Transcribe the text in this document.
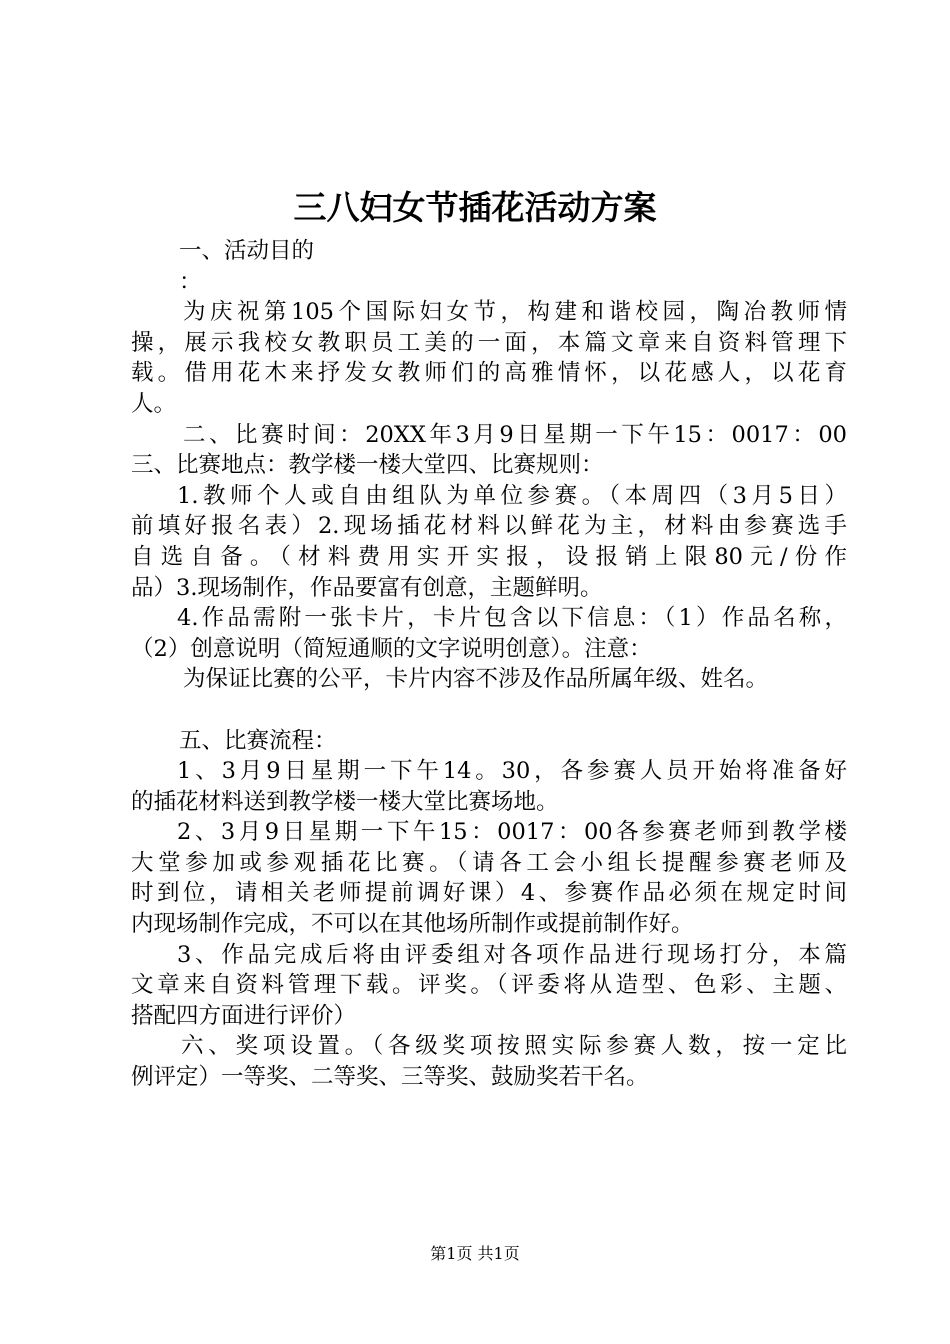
三八妇女节插花活动方案
一、活动目的
：
为庆祝第105个国际妇女节，构建和谐校园，陶冶教师情
操，展示我校女教职员工美的一面，本篇文章来自资料管理下
载。借用花木来抒发女教师们的高雅情怀，以花感人，以花育
人。
二、比赛时间：20XX年3月9日星期一下午15：0017：00
三、比赛地点：教学楼一楼大堂四、比赛规则：
1.教师个人或自由组队为单位参赛。（本周四（3月5日）
前填好报名表）2.现场插花材料以鲜花为主，材料由参赛选手
自选自备。（材料费用实开实报，设报销上限80元/份作
品）3.现场制作，作品要富有创意，主题鲜明。
4.作品需附一张卡片，卡片包含以下信息：（1）作品名称，
（2）创意说明（简短通顺的文字说明创意）。注意：
为保证比赛的公平，卡片内容不涉及作品所属年级、姓名。
五、比赛流程：
1、3月9日星期一下午14。30，各参赛人员开始将准备好
的插花材料送到教学楼一楼大堂比赛场地。
2、3月9日星期一下午15：0017：00各参赛老师到教学楼
大堂参加或参观插花比赛。（请各工会小组长提醒参赛老师及
时到位，请相关老师提前调好课）4、参赛作品必须在规定时间
内现场制作完成，不可以在其他场所制作或提前制作好。
3、作品完成后将由评委组对各项作品进行现场打分，本篇
文章来自资料管理下载。评奖。（评委将从造型、色彩、主题、
搭配四方面进行评价）
六、奖项设置。（各级奖项按照实际参赛人数，按一定比
例评定）一等奖、二等奖、三等奖、鼓励奖若干名。
第1页 共1页
